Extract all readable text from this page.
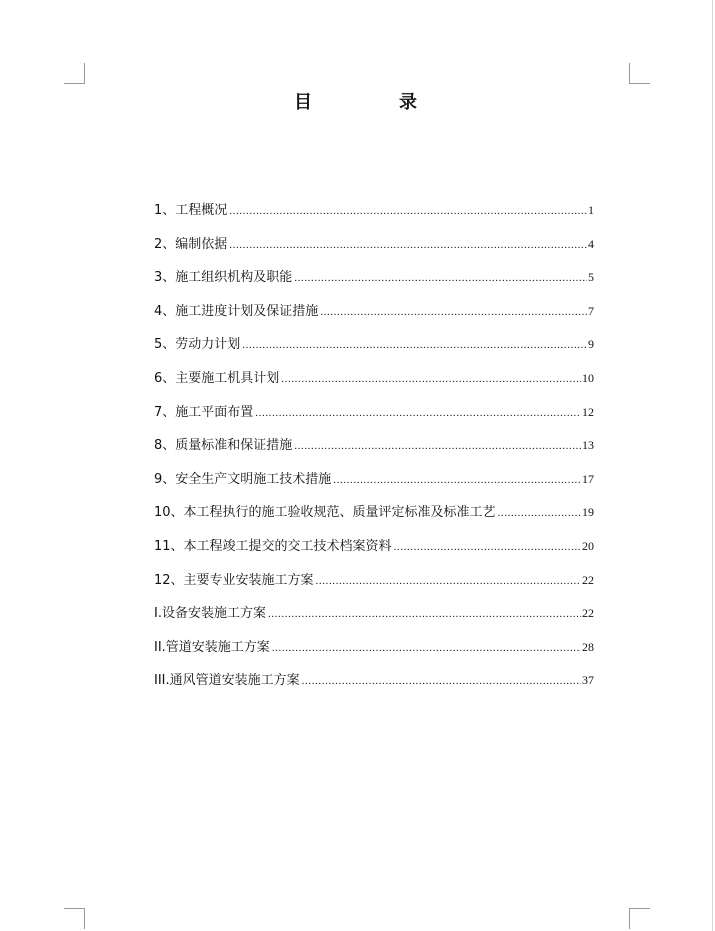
目	录
1、工程概况 .....	1
2、编制依据 .....	4
3、施工组织机构及职能 .....	5
4、施工进度计划及保证措施 .....	7
5、劳动力计划 .....	9
6、主要施工机具计划 .....	10
7、施工平面布置 .....	12
8、质量标准和保证措施 .....	13
9、安全生产文明施工技术措施 .....	17
10、本工程执行的施工验收规范、质量评定标准及标准工艺 .....	19
11、本工程竣工提交的交工技术档案资料 .....	20
12、主要专业安装施工方案 .....	22
I.设备安装施工方案 .....	22
II.管道安装施工方案 .....	28
III.通风管道安装施工方案 .....	37
